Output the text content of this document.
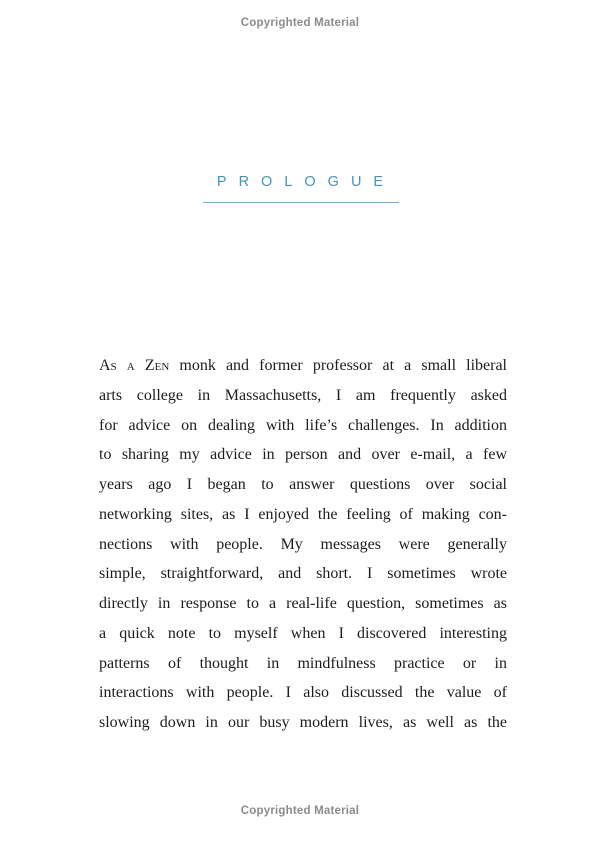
Copyrighted Material
PROLOGUE
As a Zen monk and former professor at a small liberal
arts college in Massachusetts, I am frequently asked
for advice on dealing with life’s challenges. In addition
to sharing my advice in person and over e-mail, a few
years ago I began to answer questions over social
networking sites, as I enjoyed the feeling of making con-
nections with people. My messages were generally
simple, straightforward, and short. I sometimes wrote
directly in response to a real-life question, sometimes as
a quick note to myself when I discovered interesting
patterns of thought in mindfulness practice or in
interactions with people. I also discussed the value of
slowing down in our busy modern lives, as well as the
Copyrighted Material
